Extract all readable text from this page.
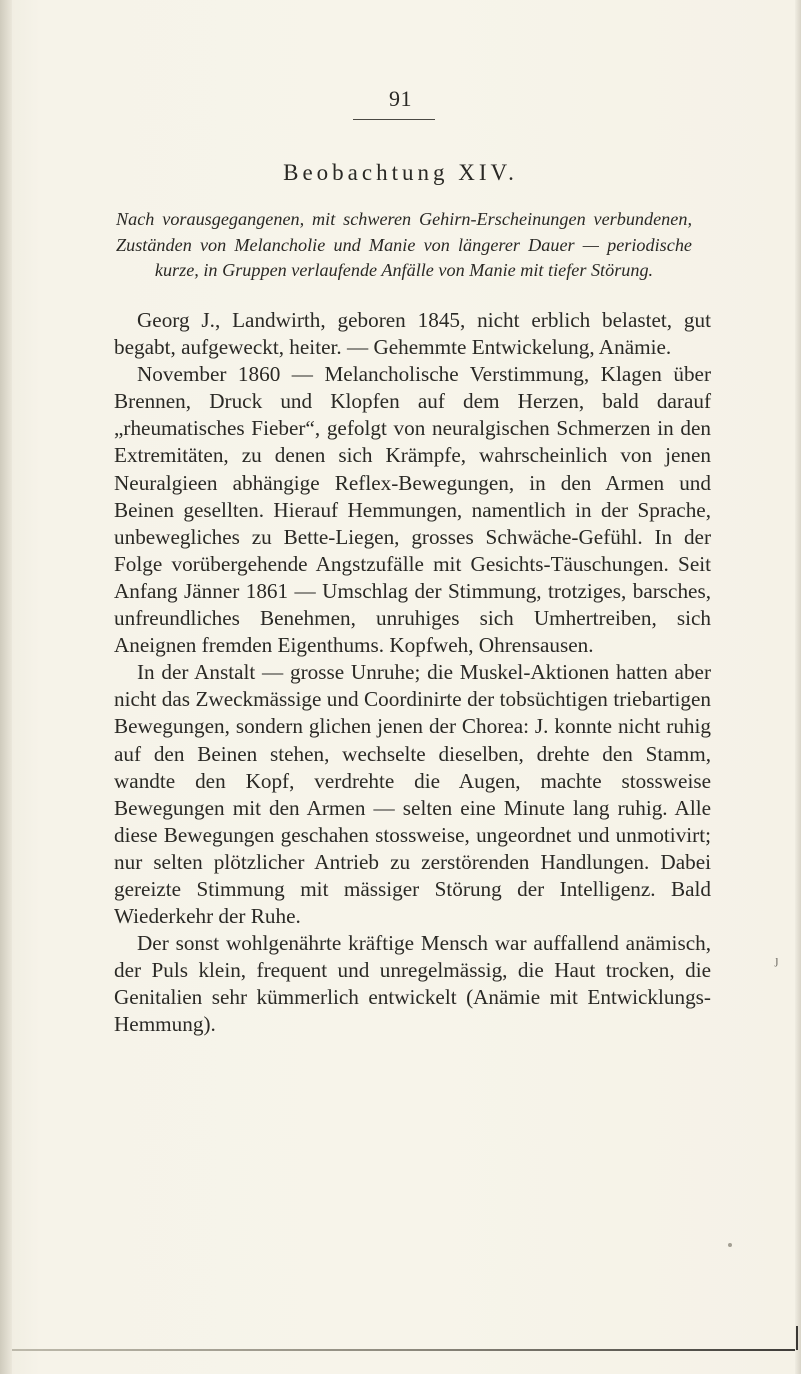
91
Beobachtung XIV.
Nach vorausgegangenen, mit schweren Gehirn-Erscheinungen verbundenen, Zuständen von Melancholie und Manie von längerer Dauer — periodische kurze, in Gruppen verlaufende Anfälle von Manie mit tiefer Störung.

Georg J., Landwirth, geboren 1845, nicht erblich belastet, gut begabt, aufgeweckt, heiter. — Gehemmte Entwickelung, Anämie.

November 1860 — Melancholische Verstimmung, Klagen über Brennen, Druck und Klopfen auf dem Herzen, bald darauf „rheumatisches Fieber“, gefolgt von neuralgischen Schmerzen in den Extremitäten, zu denen sich Krämpfe, wahrscheinlich von jenen Neuralgieen abhängige Reflex-Bewegungen, in den Armen und Beinen gesellten. Hierauf Hemmungen, namentlich in der Sprache, unbewegliches zu Bette-Liegen, grosses Schwäche-Gefühl. In der Folge vorübergehende Angstzufälle mit Gesichts-Täuschungen. Seit Anfang Jänner 1861 — Umschlag der Stimmung, trotziges, barsches, unfreundliches Benehmen, unruhiges sich Umhertreiben, sich Aneignen fremden Eigenthums. Kopfweh, Ohrensausen.

In der Anstalt — grosse Unruhe; die Muskel-Aktionen hatten aber nicht das Zweckmässige und Coordinirte der tobsüchtigen triebartigen Bewegungen, sondern glichen jenen der Chorea: J. konnte nicht ruhig auf den Beinen stehen, wechselte dieselben, drehte den Stamm, wandte den Kopf, verdrehte die Augen, machte stossweise Bewegungen mit den Armen — selten eine Minute lang ruhig. Alle diese Bewegungen geschahen stossweise, ungeordnet und unmotivirt; nur selten plötzlicher Antrieb zu zerstörenden Handlungen. Dabei gereizte Stimmung mit mässiger Störung der Intelligenz. Bald Wiederkehr der Ruhe.

Der sonst wohlgenährte kräftige Mensch war auffallend anämisch, der Puls klein, frequent und unregelmässig, die Haut trocken, die Genitalien sehr kümmerlich entwickelt (Anämie mit Entwicklungs-Hemmung).

ȷ
